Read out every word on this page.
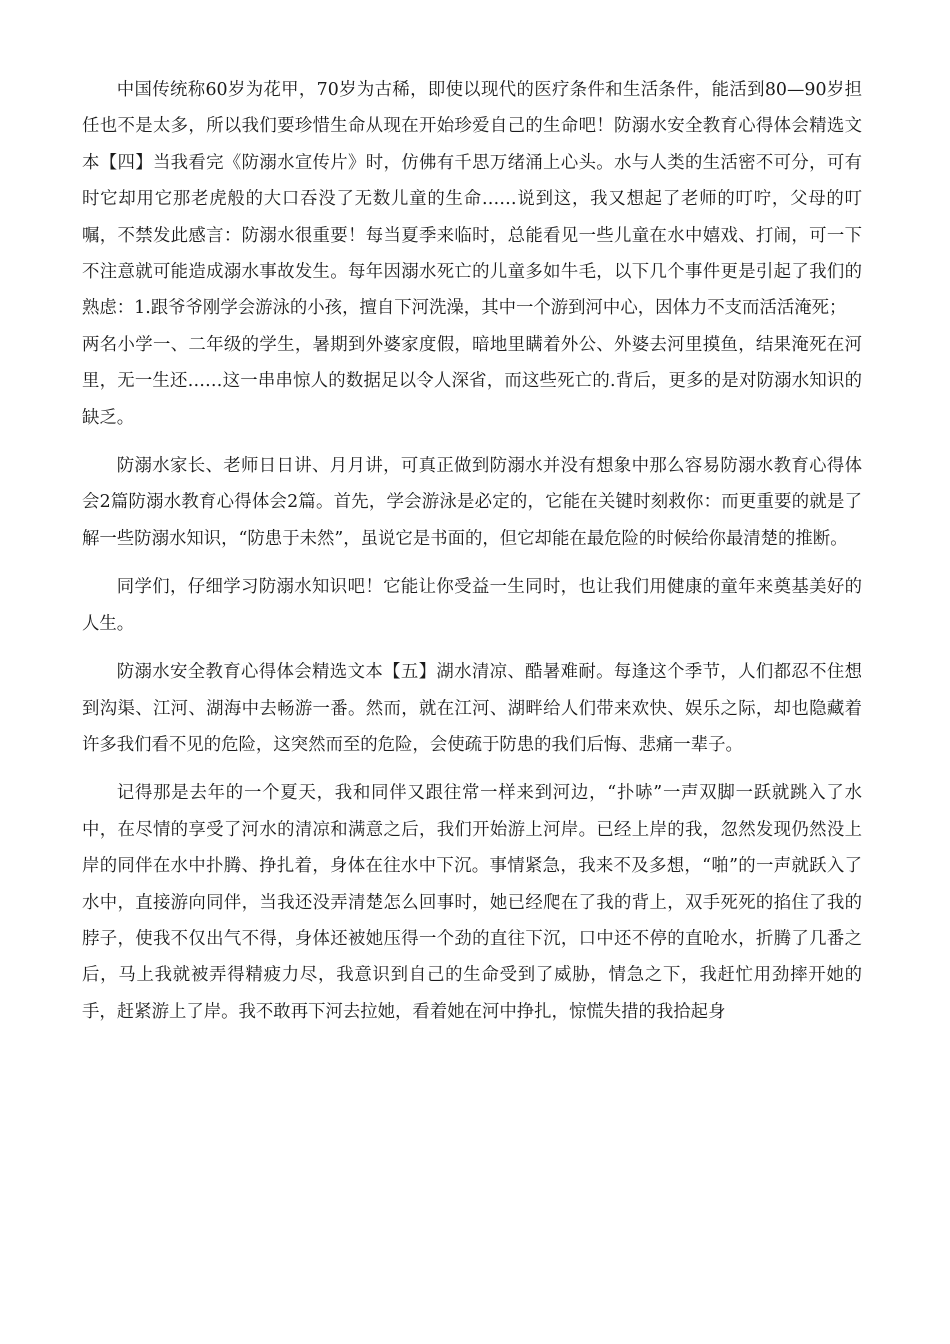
中国传统称60岁为花甲，70岁为古稀，即使以现代的医疗条件和生活条件，能活到80—90岁担任也不是太多，所以我们要珍惜生命从现在开始珍爱自己的生命吧！防溺水安全教育心得体会精选文本【四】当我看完《防溺水宣传片》时，仿佛有千思万绪涌上心头。水与人类的生活密不可分，可有时它却用它那老虎般的大口吞没了无数儿童的生命……说到这，我又想起了老师的叮咛，父母的叮嘱，不禁发此感言：防溺水很重要！每当夏季来临时，总能看见一些儿童在水中嬉戏、打闹，可一下不注意就可能造成溺水事故发生。每年因溺水死亡的儿童多如牛毛，以下几个事件更是引起了我们的熟虑：1.跟爷爷刚学会游泳的小孩，擅自下河洗澡，其中一个游到河中心，因体力不支而活活淹死；

两名小学一、二年级的学生，暑期到外婆家度假，暗地里瞒着外公、外婆去河里摸鱼，结果淹死在河里，无一生还……这一串串惊人的数据足以令人深省，而这些死亡的.背后，更多的是对防溺水知识的缺乏。

防溺水家长、老师日日讲、月月讲，可真正做到防溺水并没有想象中那么容易防溺水教育心得体会2篇防溺水教育心得体会2篇。首先，学会游泳是必定的，它能在关键时刻救你：而更重要的就是了解一些防溺水知识，“防患于未然”，虽说它是书面的，但它却能在最危险的时候给你最清楚的推断。

同学们，仔细学习防溺水知识吧！它能让你受益一生同时，也让我们用健康的童年来奠基美好的人生。

防溺水安全教育心得体会精选文本【五】湖水清凉、酷暑难耐。每逢这个季节，人们都忍不住想到沟渠、江河、湖海中去畅游一番。然而，就在江河、湖畔给人们带来欢快、娱乐之际，却也隐藏着许多我们看不见的危险，这突然而至的危险，会使疏于防患的我们后悔、悲痛一辈子。

记得那是去年的一个夏天，我和同伴又跟往常一样来到河边，“扑哧”一声双脚一跃就跳入了水中，在尽情的享受了河水的清凉和满意之后，我们开始游上河岸。已经上岸的我，忽然发现仍然没上岸的同伴在水中扑腾、挣扎着，身体在往水中下沉。事情紧急，我来不及多想，“啪”的一声就跃入了水中，直接游向同伴，当我还没弄清楚怎么回事时，她已经爬在了我的背上，双手死死的掐住了我的脖子，使我不仅出气不得，身体还被她压得一个劲的直往下沉，口中还不停的直呛水，折腾了几番之后，马上我就被弄得精疲力尽，我意识到自己的生命受到了威胁，情急之下，我赶忙用劲摔开她的手，赶紧游上了岸。我不敢再下河去拉她，看着她在河中挣扎，惊慌失措的我拾起身
